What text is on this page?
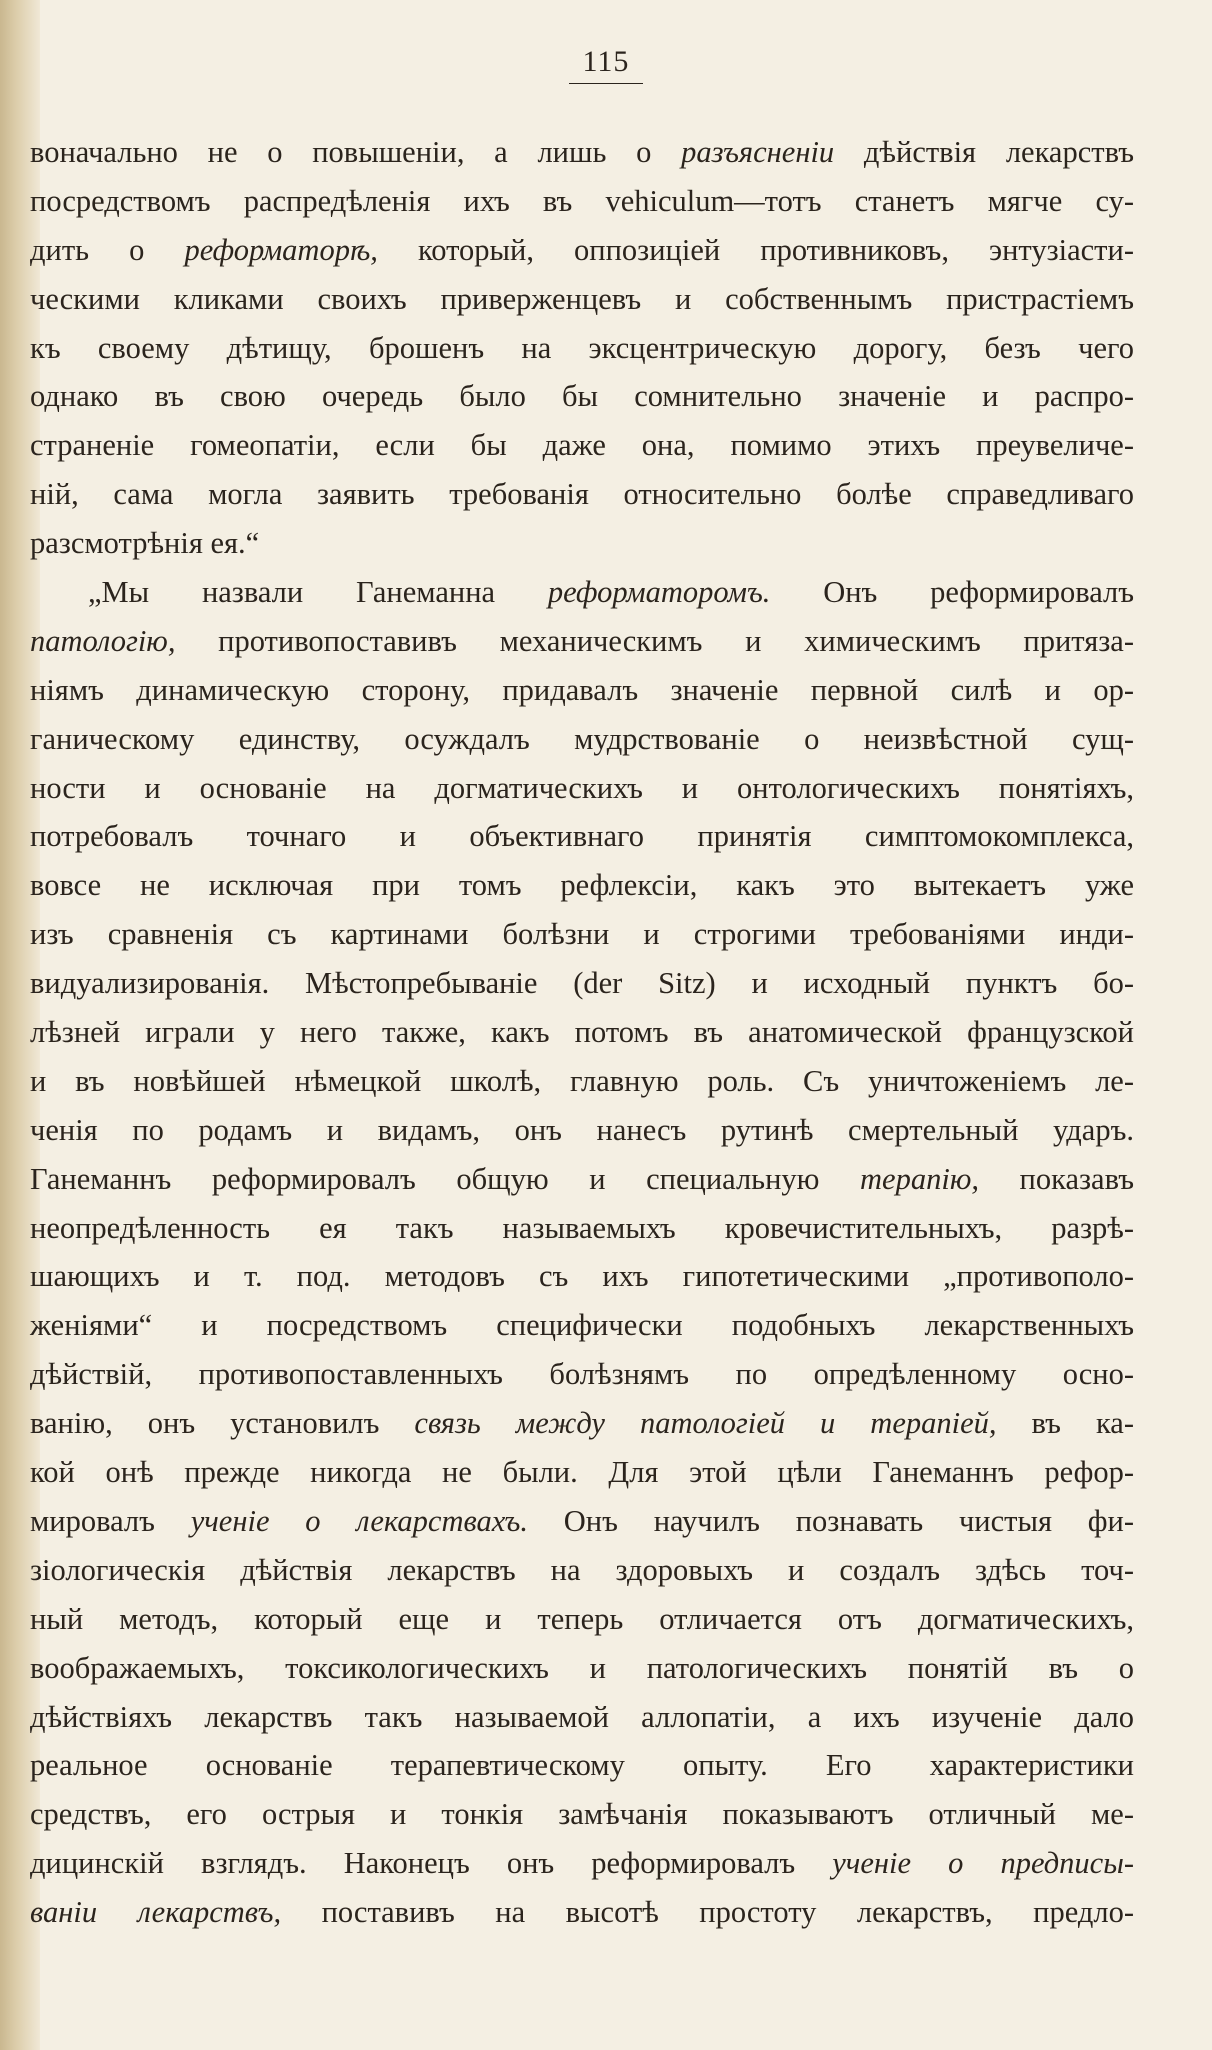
115
воначально не о повышеніи, а лишь о разъясненіи дѣйствія лекарствъ
посредствомъ распредѣленія ихъ въ vehiculum—тотъ станетъ мягче су-
дить о реформаторѣ, который, оппозиціей противниковъ, энтузіасти-
ческими кликами своихъ приверженцевъ и собственнымъ пристрастіемъ
къ своему дѣтищу, брошенъ на эксцентрическую дорогу, безъ чего
однако въ свою очередь было бы сомнительно значеніе и распро-
страненіе гомеопатіи, если бы даже она, помимо этихъ преувеличе-
ній, сама могла заявить требованія относительно болѣе справедливаго
разсмотрѣнія ея.“
„Мы назвали Ганеманна реформаторомъ. Онъ реформировалъ
патологію, противопоставивъ механическимъ и химическимъ притяза-
ніямъ динамическую сторону, придавалъ значеніе первной силѣ и ор-
ганическому единству, осуждалъ мудрствованіе о неизвѣстной сущ-
ности и основаніе на догматическихъ и онтологическихъ понятіяхъ,
потребовалъ точнаго и объективнаго принятія симптомокомплекса,
вовсе не исключая при томъ рефлексіи, какъ это вытекаетъ уже
изъ сравненія съ картинами болѣзни и строгими требованіями инди-
видуализированія. Мѣстопребываніе (der Sitz) и исходный пунктъ бо-
лѣзней играли у него также, какъ потомъ въ анатомической французской
и въ новѣйшей нѣмецкой школѣ, главную роль. Съ уничтоженіемъ ле-
ченія по родамъ и видамъ, онъ нанесъ рутинѣ смертельный ударъ.
Ганеманнъ реформировалъ общую и специальную терапію, показавъ
неопредѣленность ея такъ называемыхъ кровечистительныхъ, разрѣ-
шающихъ и т. под. методовъ съ ихъ гипотетическими „противополо-
женіями“ и посредствомъ специфически подобныхъ лекарственныхъ
дѣйствій, противопоставленныхъ болѣзнямъ по опредѣленному осно-
ванію, онъ установилъ связь между патологіей и терапіей, въ ка-
кой онѣ прежде никогда не были. Для этой цѣли Ганеманнъ рефор-
мировалъ ученіе о лекарствахъ. Онъ научилъ познавать чистыя фи-
зіологическія дѣйствія лекарствъ на здоровыхъ и создалъ здѣсь точ-
ный методъ, который еще и теперь отличается отъ догматическихъ,
воображаемыхъ, токсикологическихъ и патологическихъ понятій въ о
дѣйствіяхъ лекарствъ такъ называемой аллопатіи, а ихъ изученіе дало
реальное основаніе терапевтическому опыту. Его характеристики
средствъ, его острыя и тонкія замѣчанія показываютъ отличный ме-
дицинскій взглядъ. Наконецъ онъ реформировалъ ученіе о предписы-
ваніи лекарствъ, поставивъ на высотѣ простоту лекарствъ, предло-
